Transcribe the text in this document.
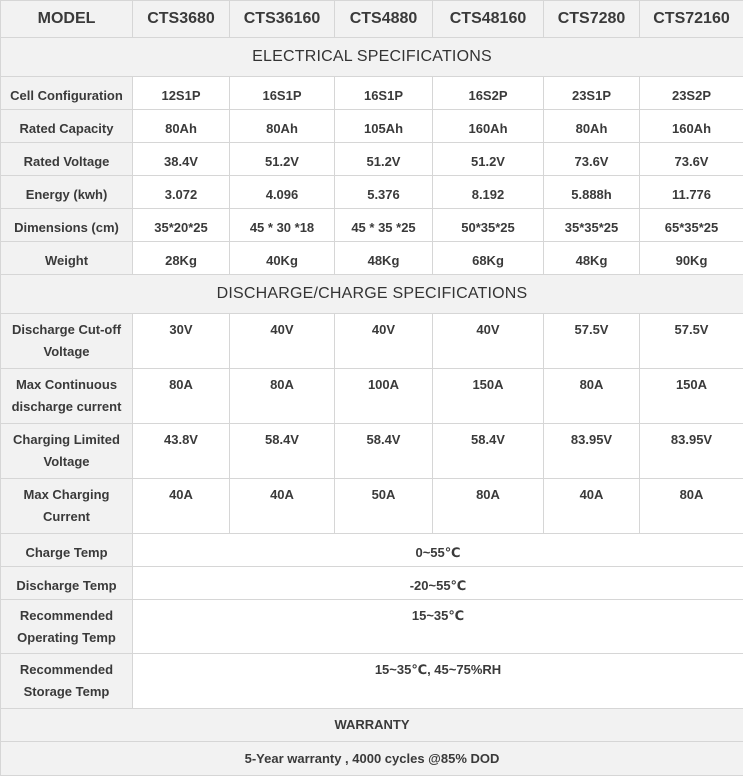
MODEL	CTS3680	CTS36160	CTS4880	CTS48160	CTS7280	CTS72160
ELECTRICAL SPECIFICATIONS						
Cell Configuration	12S1P	16S1P	16S1P	16S2P	23S1P	23S2P
Rated Capacity	80Ah	80Ah	105Ah	160Ah	80Ah	160Ah
Rated Voltage	38.4V	51.2V	51.2V	51.2V	73.6V	73.6V
Energy (kwh)	3.072	4.096	5.376	8.192	5.888h	11.776
Dimensions (cm)	35*20*25	45 * 30 *18	45 * 35 *25	50*35*25	35*35*25	65*35*25
Weight	28Kg	40Kg	48Kg	68Kg	48Kg	90Kg
DISCHARGE/CHARGE SPECIFICATIONS						
Discharge Cut-off
Voltage	30V	40V	40V	40V	57.5V	57.5V
Max Continuous
discharge current	80A	80A	100A	150A	80A	150A
Charging Limited
Voltage	43.8V	58.4V	58.4V	58.4V	83.95V	83.95V
Max Charging
Current	40A	40A	50A	80A	40A	80A
Charge Temp	0~55℃					
Discharge Temp	-20~55℃					
Recommended
Operating Temp	15~35℃					
Recommended
Storage Temp	15~35℃, 45~75%RH					
WARRANTY						
5-Year warranty , 4000 cycles @85% DOD						
